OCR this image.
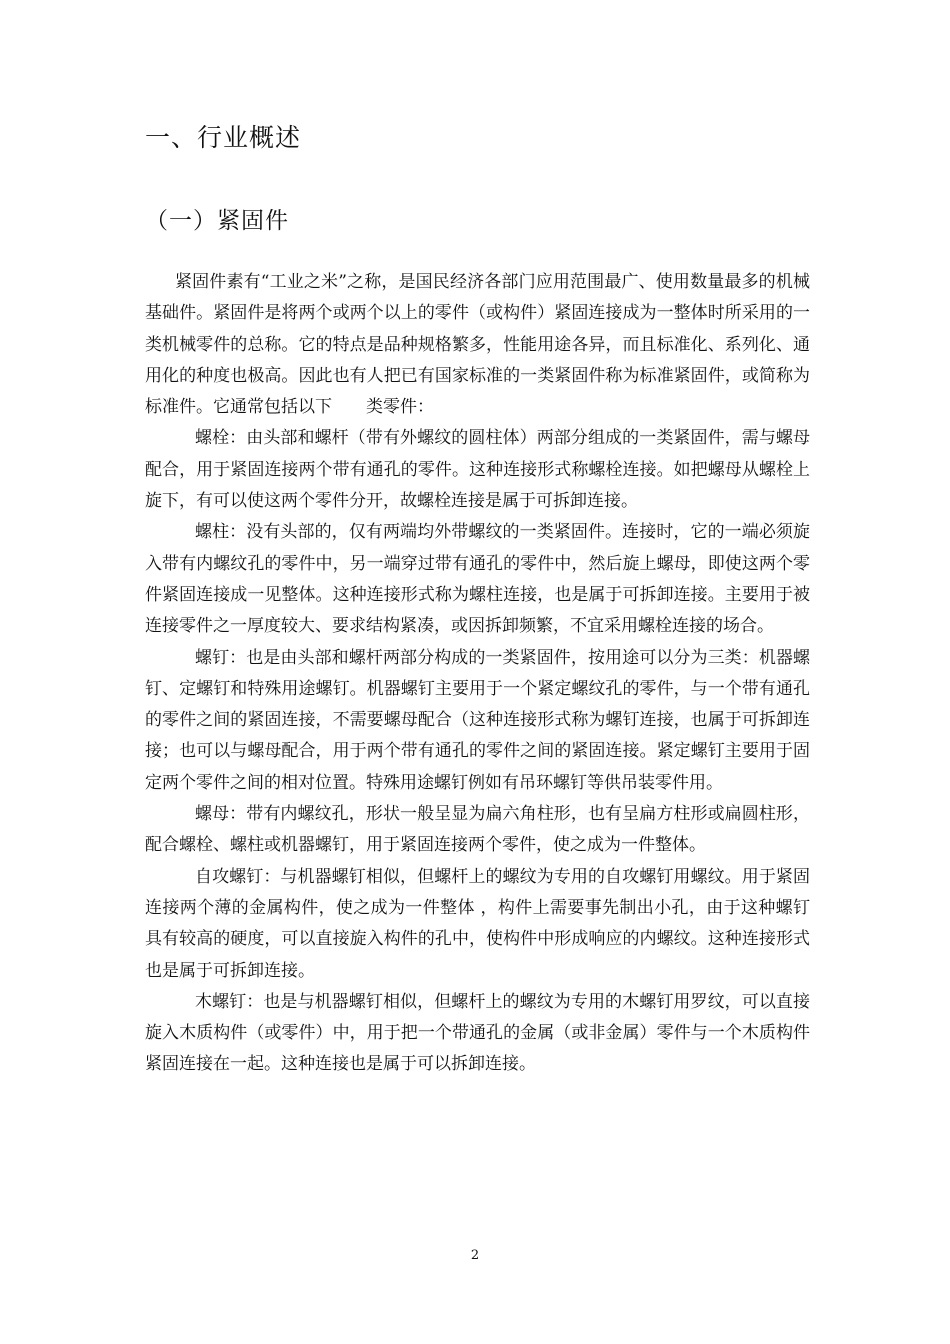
一、行业概述
（一）紧固件

紧固件素有“工业之米”之称，是国民经济各部门应用范围最广、使用数量最多的机械基础件。紧固件是将两个或两个以上的零件（或构件）紧固连接成为一整体时所采用的一类机械零件的总称。它的特点是品种规格繁多，性能用途各异，而且标准化、系列化、通用化的种度也极高。因此也有人把已有国家标准的一类紧固件称为标准紧固件，或简称为标准件。它通常包括以下　　类零件：

螺栓：由头部和螺杆（带有外螺纹的圆柱体）两部分组成的一类紧固件，需与螺母配合，用于紧固连接两个带有通孔的零件。这种连接形式称螺栓连接。如把螺母从螺栓上旋下，有可以使这两个零件分开，故螺栓连接是属于可拆卸连接。

螺柱：没有头部的，仅有两端均外带螺纹的一类紧固件。连接时，它的一端必须旋入带有内螺纹孔的零件中，另一端穿过带有通孔的零件中，然后旋上螺母，即使这两个零件紧固连接成一见整体。这种连接形式称为螺柱连接，也是属于可拆卸连接。主要用于被连接零件之一厚度较大、要求结构紧凑，或因拆卸频繁，不宜采用螺栓连接的场合。

螺钉：也是由头部和螺杆两部分构成的一类紧固件，按用途可以分为三类：机器螺钉、定螺钉和特殊用途螺钉。机器螺钉主要用于一个紧定螺纹孔的零件，与一个带有通孔的零件之间的紧固连接，不需要螺母配合（这种连接形式称为螺钉连接，也属于可拆卸连接；也可以与螺母配合，用于两个带有通孔的零件之间的紧固连接。紧定螺钉主要用于固定两个零件之间的相对位置。特殊用途螺钉例如有吊环螺钉等供吊装零件用。

螺母：带有内螺纹孔，形状一般呈显为扁六角柱形，也有呈扁方柱形或扁圆柱形，配合螺栓、螺柱或机器螺钉，用于紧固连接两个零件，使之成为一件整体。

自攻螺钉：与机器螺钉相似，但螺杆上的螺纹为专用的自攻螺钉用螺纹。用于紧固连接两个薄的金属构件，使之成为一件整体 ，构件上需要事先制出小孔，由于这种螺钉具有较高的硬度，可以直接旋入构件的孔中，使构件中形成响应的内螺纹。这种连接形式也是属于可拆卸连接。

木螺钉：也是与机器螺钉相似，但螺杆上的螺纹为专用的木螺钉用罗纹，可以直接旋入木质构件（或零件）中，用于把一个带通孔的金属（或非金属）零件与一个木质构件紧固连接在一起。这种连接也是属于可以拆卸连接。

2
